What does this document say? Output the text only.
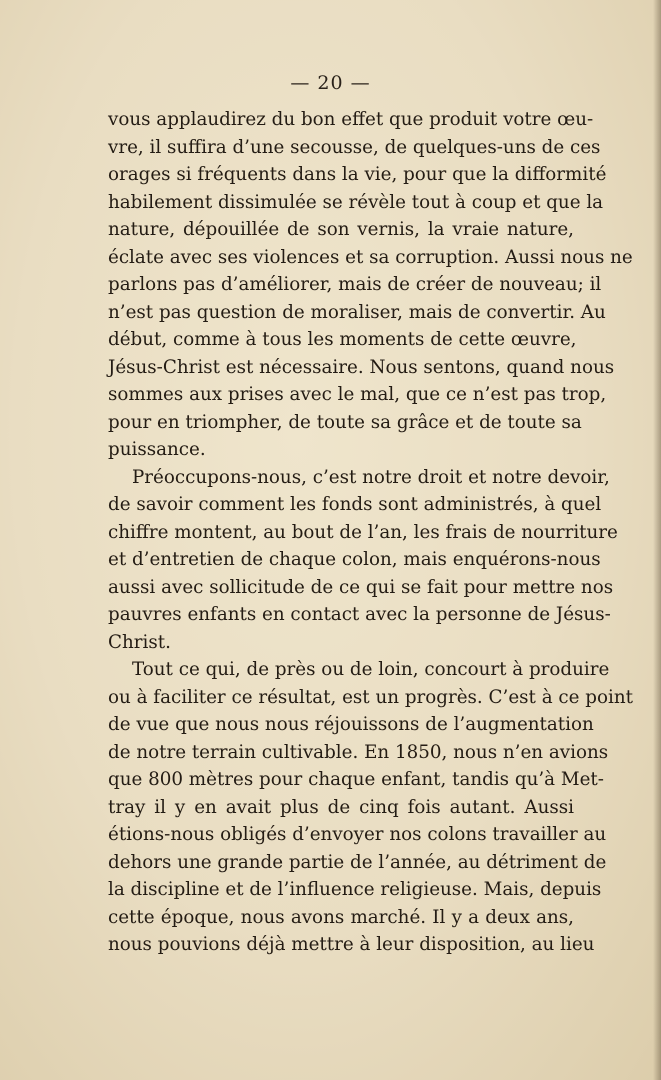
— 20 —
vous applaudirez du bon effet que produit votre œu-
vre, il suffira d’une secousse, de quelques-uns de ces
orages si fréquents dans la vie, pour que la difformité
habilement dissimulée se révèle tout à coup et que la
nature, dépouillée de son vernis, la vraie nature,
éclate avec ses violences et sa corruption. Aussi nous ne
parlons pas d’améliorer, mais de créer de nouveau; il
n’est pas question de moraliser, mais de convertir. Au
début, comme à tous les moments de cette œuvre,
Jésus-Christ est nécessaire. Nous sentons, quand nous
sommes aux prises avec le mal, que ce n’est pas trop,
pour en triompher, de toute sa grâce et de toute sa
puissance.
Préoccupons-nous, c’est notre droit et notre devoir,
de savoir comment les fonds sont administrés, à quel
chiffre montent, au bout de l’an, les frais de nourriture
et d’entretien de chaque colon, mais enquérons-nous
aussi avec sollicitude de ce qui se fait pour mettre nos
pauvres enfants en contact avec la personne de Jésus-
Christ.
Tout ce qui, de près ou de loin, concourt à produire
ou à faciliter ce résultat, est un progrès. C’est à ce point
de vue que nous nous réjouissons de l’augmentation
de notre terrain cultivable. En 1850, nous n’en avions
que 800 mètres pour chaque enfant, tandis qu’à Met-
tray il y en avait plus de cinq fois autant. Aussi
étions-nous obligés d’envoyer nos colons travailler au
dehors une grande partie de l’année, au détriment de
la discipline et de l’influence religieuse. Mais, depuis
cette époque, nous avons marché. Il y a deux ans,
nous pouvions déjà mettre à leur disposition, au lieu
